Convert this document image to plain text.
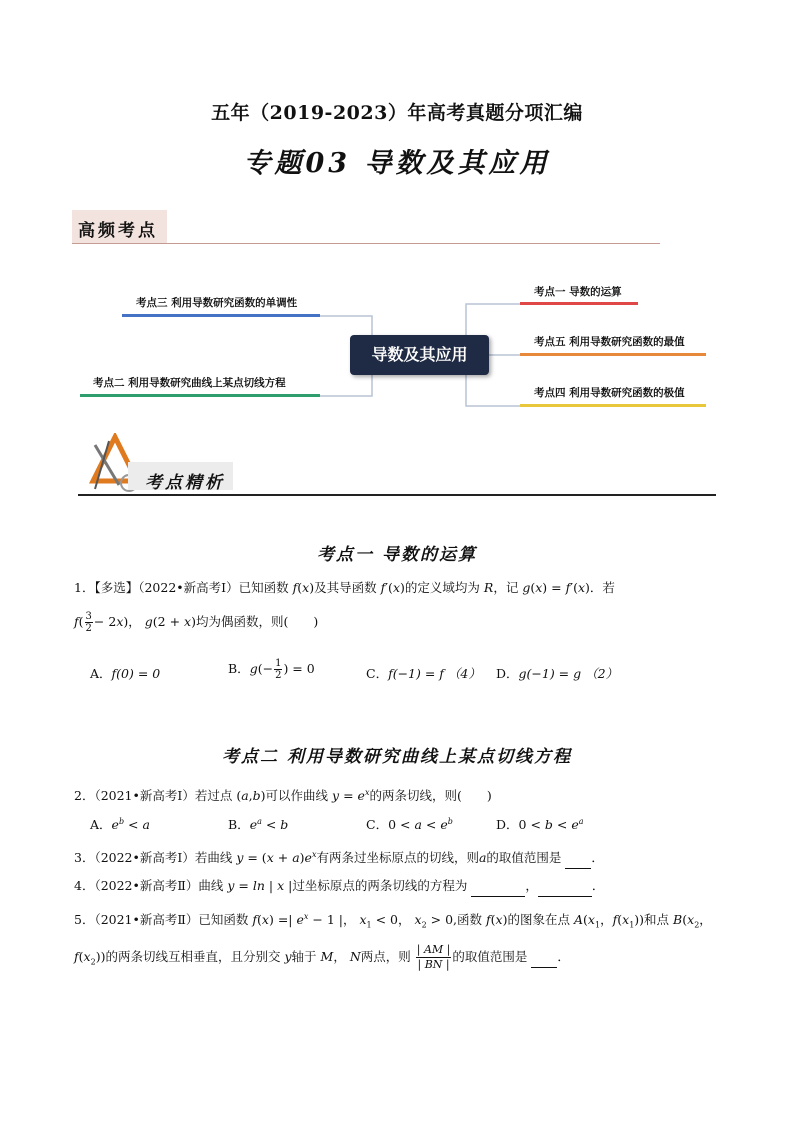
五年（2019-2023）年高考真题分项汇编
专题03 导数及其应用
高频考点
考点三 利用导数研究函数的单调性
考点二 利用导数研究曲线上某点切线方程
导数及其应用
考点一 导数的运算
考点五 利用导数研究函数的最值
考点四 利用导数研究函数的极值
考点精析
考点一 导数的运算
1．【多选】（2022•新高考Ⅰ）已知函数 f(x)及其导函数 f′(x)的定义域均为 R，记 g(x) = f′(x)．若
$f( \frac{3}{2} - 2x)$， g(2 + x)均为偶函数，则(　　)
A．f(0) = 0	B．$g(- \frac{1}{2}$ ) = 0	C．f(−1) = f （4） D．g(−1) = g （2）
考点二 利用导数研究曲线上某点切线方程
2．（2021•新高考Ⅰ）若过点 (a,b)可以作曲线 $y = e^x$的两条切线，则(　　)
A．$e^b < a$	B．$e^a < b$	C．$0 < a < e^b$	D．$0 < b < e^a$
3．（2022•新高考Ⅰ）若曲线 $y = (x + a)e^x$有两条过坐标原点的切线，则a的取值范围是 ．
4．（2022•新高考Ⅱ）曲线 y = ln | x |过坐标原点的两条切线的方程为	，	．
5．（2021•新高考Ⅱ）已知函数 f(x) =| $e^x - 1$ |， $x_1 < 0$， $x_2 > 0$,函数 f(x)的图象在点 $A(x_1$，$f(x_1)$)和点 $B(x_2$，
$f(x_2)$)的两条切线互相垂直，且分别交 y轴于 M， N两点，则 $\frac{| AM |}{| BN |}$ 的取值范围是 ．
